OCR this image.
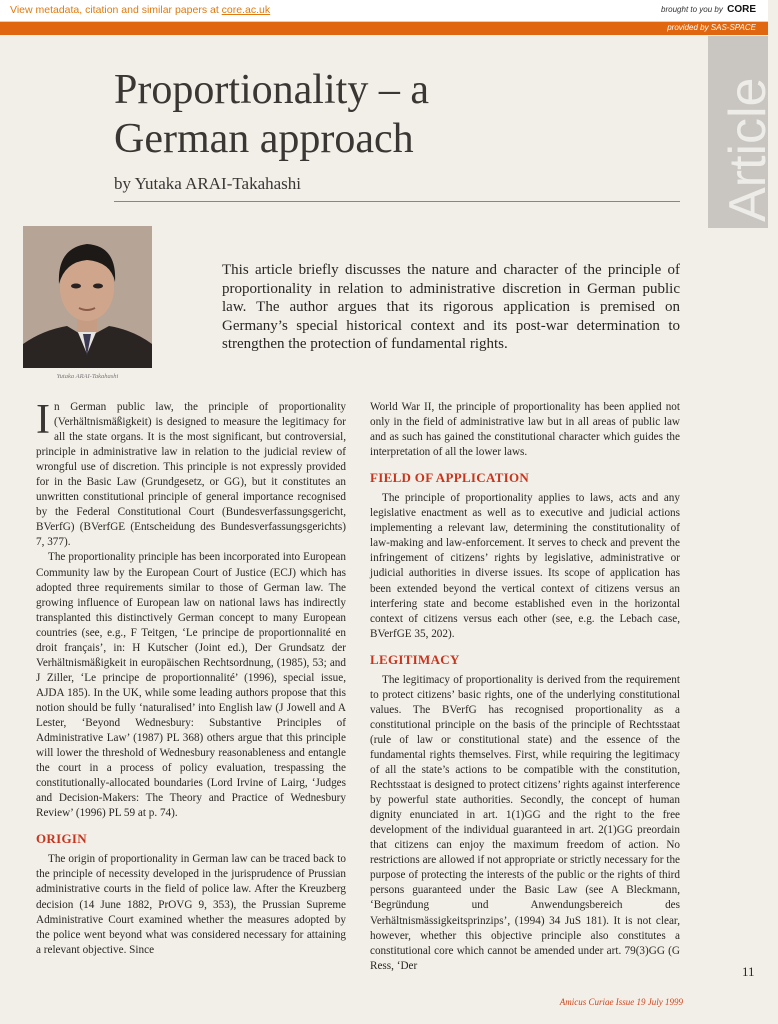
View metadata, citation and similar papers at core.ac.uk	brought to you by CORE
provided by SAS-SPACE
Article
Proportionality – a
German approach
by Yutaka ARAI-Takahashi
Yutaka ARAI-Takahashi
This article briefly discusses the nature and character of the principle of proportionality in relation to administrative discretion in German public law. The author argues that its rigorous application is premised on Germany’s special historical context and its post-war determination to strengthen the protection of fundamental rights.

In German public law, the principle of proportionality (Verhältnismäßigkeit) is designed to measure the legitimacy for all the state organs. It is the most significant, but controversial, principle in administrative law in relation to the judicial review of wrongful use of discretion. This principle is not expressly provided for in the Basic Law (Grundgesetz, or GG), but it constitutes an unwritten constitutional principle of general importance recognised by the Federal Constitutional Court (Bundesverfassungsgericht, BVerfG) (BVerfGE (Entscheidung des Bundesverfassungsgerichts) 7, 377).

The proportionality principle has been incorporated into European Community law by the European Court of Justice (ECJ) which has adopted three requirements similar to those of German law. The growing influence of European law on national laws has indirectly transplanted this distinctively German concept to many European countries (see, e.g., F Teitgen, ‘Le principe de proportionnalité en droit français’, in: H Kutscher (Joint ed.), Der Grundsatz der Verhältnismäßigkeit in europäischen Rechtsordnung, (1985), 53; and J Ziller, ‘Le principe de proportionnalité’ (1996), special issue, AJDA 185). In the UK, while some leading authors propose that this notion should be fully ‘naturalised’ into English law (J Jowell and A Lester, ‘Beyond Wednesbury: Substantive Principles of Administrative Law’ (1987) PL 368) others argue that this principle will lower the threshold of Wednesbury reasonableness and entangle the court in a process of policy evaluation, trespassing the constitutionally-allocated boundaries (Lord Irvine of Lairg, ‘Judges and Decision-Makers: The Theory and Practice of Wednesbury Review’ (1996) PL 59 at p. 74).

ORIGIN

The origin of proportionality in German law can be traced back to the principle of necessity developed in the jurisprudence of Prussian administrative courts in the field of police law. After the Kreuzberg decision (14 June 1882, PrOVG 9, 353), the Prussian Supreme Administrative Court examined whether the measures adopted by the police went beyond what was considered necessary for attaining a relevant objective. Since

World War II, the principle of proportionality has been applied not only in the field of administrative law but in all areas of public law and as such has gained the constitutional character which guides the interpretation of all the lower laws.

FIELD OF APPLICATION

The principle of proportionality applies to laws, acts and any legislative enactment as well as to executive and judicial actions implementing a relevant law, determining the constitutionality of law-making and law-enforcement. It serves to check and prevent the infringement of citizens’ rights by legislative, administrative or judicial authorities in diverse issues. Its scope of application has been extended beyond the vertical context of citizens versus an interfering state and become established even in the horizontal context of citizens versus each other (see, e.g. the Lebach case, BVerfGE 35, 202).

LEGITIMACY

The legitimacy of proportionality is derived from the requirement to protect citizens’ basic rights, one of the underlying constitutional values. The BVerfG has recognised proportionality as a constitutional principle on the basis of the principle of Rechtsstaat (rule of law or constitutional state) and the essence of the fundamental rights themselves. First, while requiring the legitimacy of all the state’s actions to be compatible with the constitution, Rechtsstaat is designed to protect citizens’ rights against interference by powerful state authorities. Secondly, the concept of human dignity enunciated in art. 1(1)GG and the right to the free development of the individual guaranteed in art. 2(1)GG preordain that citizens can enjoy the maximum freedom of action. No restrictions are allowed if not appropriate or strictly necessary for the purpose of protecting the interests of the public or the rights of third persons guaranteed under the Basic Law (see A Bleckmann, ‘Begründung und Anwendungsbereich des Verhältnismässigkeitsprinzips’, (1994) 34 JuS 181). It is not clear, however, whether this objective principle also constitutes a constitutional core which cannot be amended under art. 79(3)GG (G Ress, ‘Der	11
Amicus Curiae Issue 19 July 1999
